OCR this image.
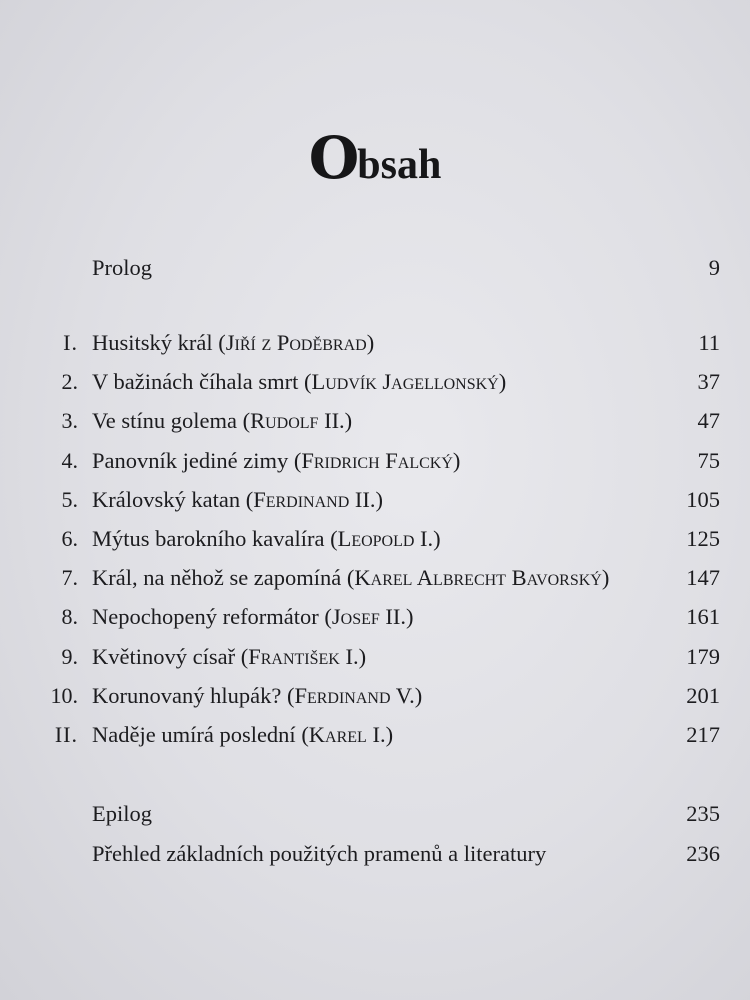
Obsah
Prolog	9
I. Husitský král (Jiří z Poděbrad)	11
2. V bažinách číhala smrt (Ludvík Jagellonský)	37
3. Ve stínu golema (Rudolf II.)	47
4. Panovník jediné zimy (Fridrich Falcký)	75
5. Královský katan (Ferdinand II.)	105
6. Mýtus barokního kavalíra (Leopold I.)	125
7. Král, na něhož se zapomíná (Karel Albrecht Bavorský)	147
8. Nepochopený reformátor (Josef II.)	161
9. Květinový císař (František I.)	179
10. Korunovaný hlupák? (Ferdinand V.)	201
II. Naděje umírá poslední (Karel I.)	217
Epilog	235
Přehled základních použitých pramenů a literatury	236
